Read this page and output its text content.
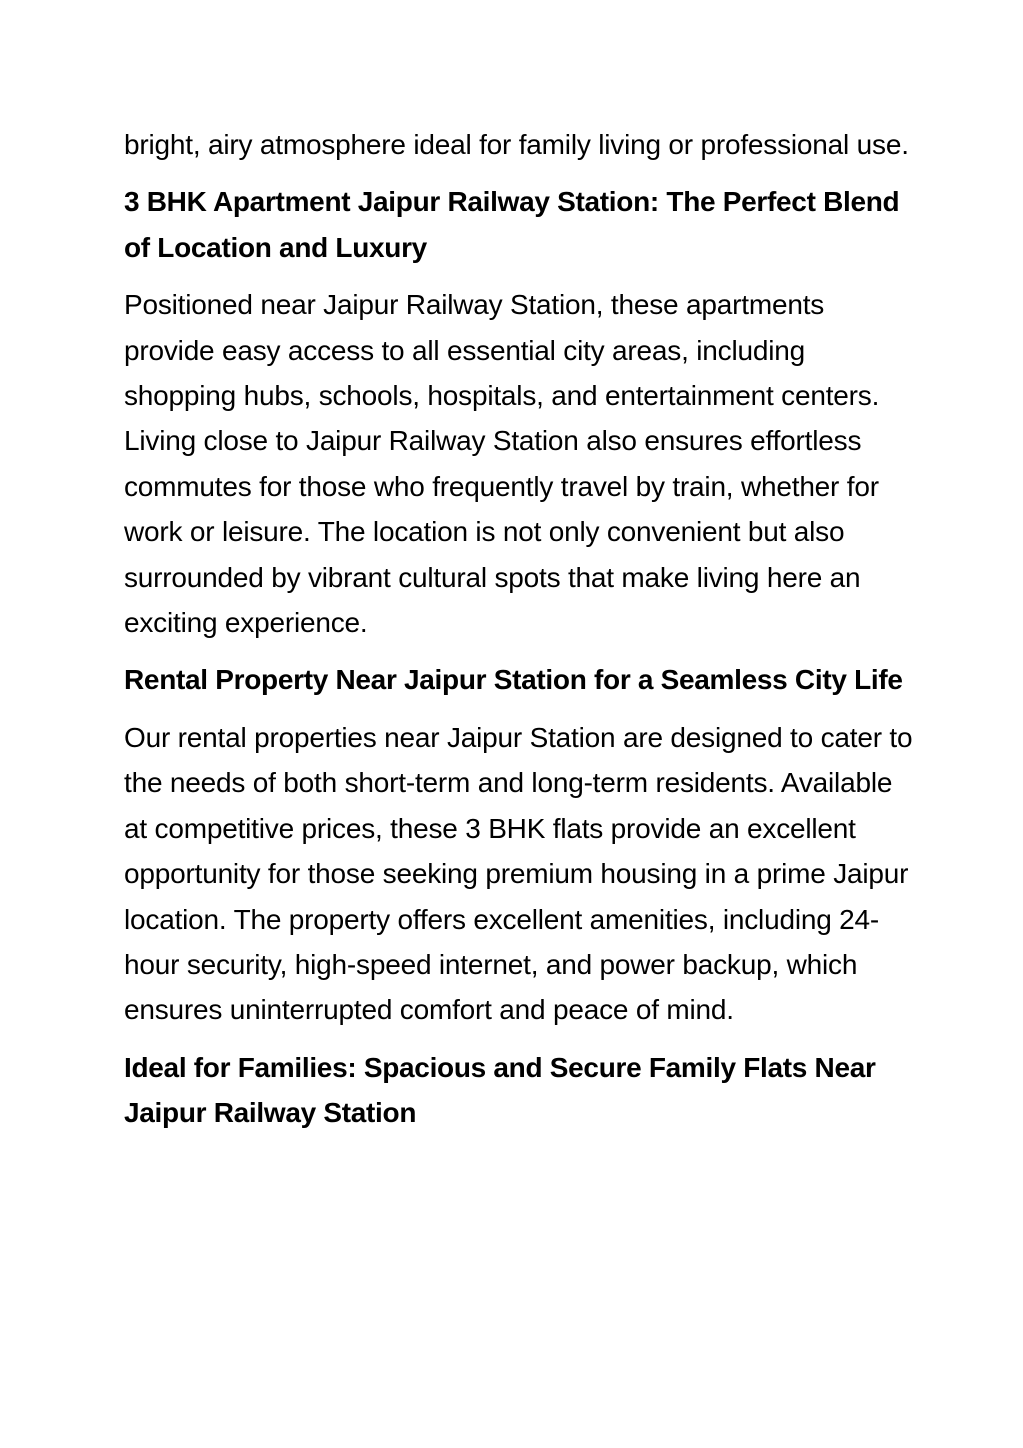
bright, airy atmosphere ideal for family living or professional use.

3 BHK Apartment Jaipur Railway Station: The Perfect Blend of Location and Luxury

Positioned near Jaipur Railway Station, these apartments provide easy access to all essential city areas, including shopping hubs, schools, hospitals, and entertainment centers. Living close to Jaipur Railway Station also ensures effortless commutes for those who frequently travel by train, whether for work or leisure. The location is not only convenient but also surrounded by vibrant cultural spots that make living here an exciting experience.

Rental Property Near Jaipur Station for a Seamless City Life

Our rental properties near Jaipur Station are designed to cater to the needs of both short-term and long-term residents. Available at competitive prices, these 3 BHK flats provide an excellent opportunity for those seeking premium housing in a prime Jaipur location. The property offers excellent amenities, including 24-hour security, high-speed internet, and power backup, which ensures uninterrupted comfort and peace of mind.

Ideal for Families: Spacious and Secure Family Flats Near Jaipur Railway Station
